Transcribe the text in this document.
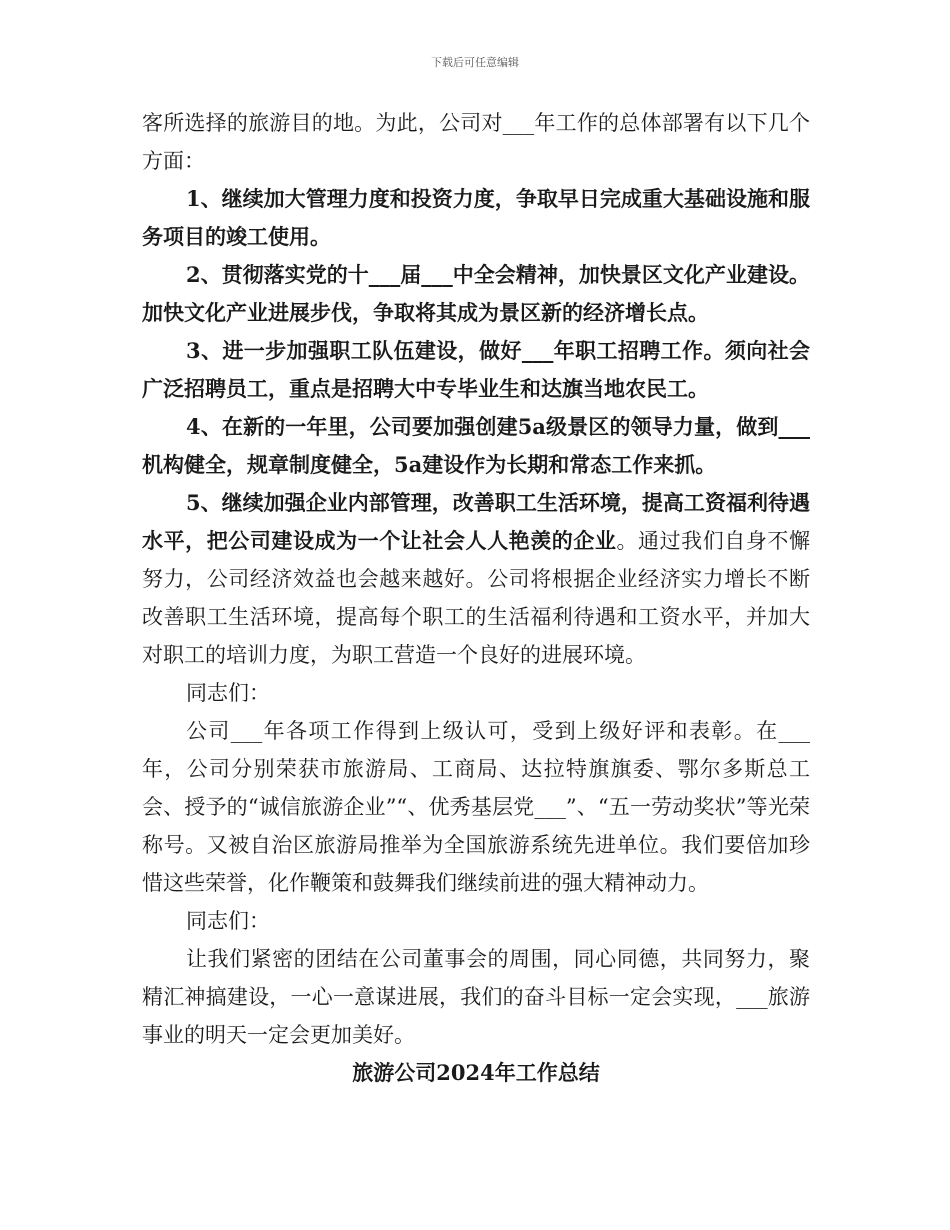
下载后可任意编辑

客所选择的旅游目的地。为此，公司对___年工作的总体部署有以下几个方面：

1、继续加大管理力度和投资力度，争取早日完成重大基础设施和服务项目的竣工使用。

2、贯彻落实党的十___届___中全会精神，加快景区文化产业建设。加快文化产业进展步伐，争取将其成为景区新的经济增长点。

3、进一步加强职工队伍建设，做好___年职工招聘工作。须向社会广泛招聘员工，重点是招聘大中专毕业生和达旗当地农民工。

4、在新的一年里，公司要加强创建5a级景区的领导力量，做到___机构健全，规章制度健全，5a建设作为长期和常态工作来抓。

5、继续加强企业内部管理，改善职工生活环境，提高工资福利待遇水平，把公司建设成为一个让社会人人艳羡的企业。通过我们自身不懈努力，公司经济效益也会越来越好。公司将根据企业经济实力增长不断改善职工生活环境，提高每个职工的生活福利待遇和工资水平，并加大对职工的培训力度，为职工营造一个良好的进展环境。

同志们：

公司___年各项工作得到上级认可，受到上级好评和表彰。在___年，公司分别荣获市旅游局、工商局、达拉特旗旗委、鄂尔多斯总工会、授予的“诚信旅游企业”“、优秀基层党___”、“五一劳动奖状”等光荣称号。又被自治区旅游局推举为全国旅游系统先进单位。我们要倍加珍惜这些荣誉，化作鞭策和鼓舞我们继续前进的强大精神动力。

同志们：

让我们紧密的团结在公司董事会的周围，同心同德，共同努力，聚精汇神搞建设，一心一意谋进展，我们的奋斗目标一定会实现，___旅游事业的明天一定会更加美好。

旅游公司2024年工作总结
